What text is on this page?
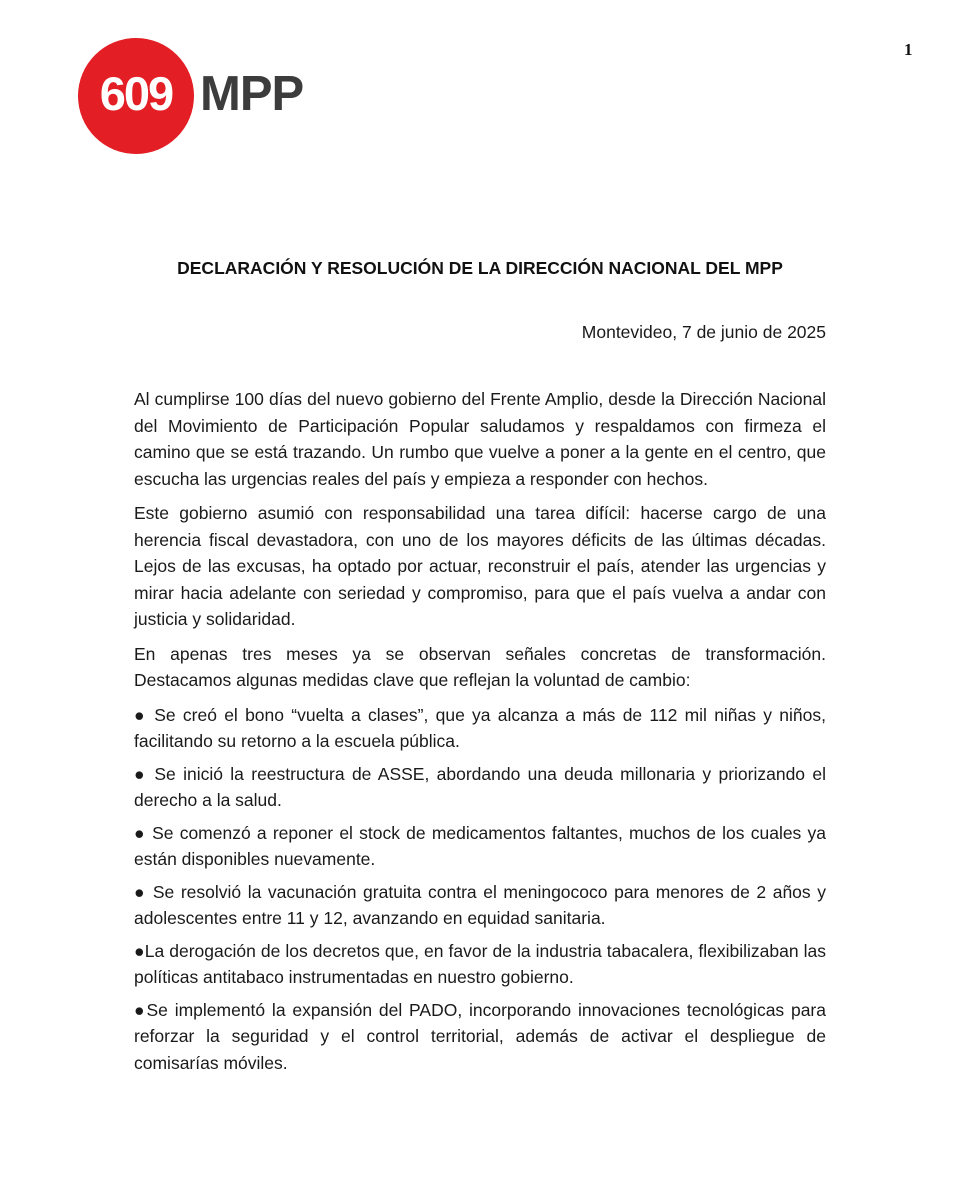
1
609 MPP
DECLARACIÓN Y RESOLUCIÓN DE LA DIRECCIÓN NACIONAL DEL MPP
Montevideo, 7 de junio de 2025

Al cumplirse 100 días del nuevo gobierno del Frente Amplio, desde la Dirección Nacional del Movimiento de Participación Popular saludamos y respaldamos con firmeza el camino que se está trazando. Un rumbo que vuelve a poner a la gente en el centro, que escucha las urgencias reales del país y empieza a responder con hechos.

Este gobierno asumió con responsabilidad una tarea difícil: hacerse cargo de una herencia fiscal devastadora, con uno de los mayores déficits de las últimas décadas. Lejos de las excusas, ha optado por actuar, reconstruir el país, atender las urgencias y mirar hacia adelante con seriedad y compromiso, para que el país vuelva a andar con justicia y solidaridad.

En apenas tres meses ya se observan señales concretas de transformación. Destacamos algunas medidas clave que reflejan la voluntad de cambio:

● Se creó el bono “vuelta a clases”, que ya alcanza a más de 112 mil niñas y niños, facilitando su retorno a la escuela pública.

● Se inició la reestructura de ASSE, abordando una deuda millonaria y priorizando el derecho a la salud.

● Se comenzó a reponer el stock de medicamentos faltantes, muchos de los cuales ya están disponibles nuevamente.

● Se resolvió la vacunación gratuita contra el meningococo para menores de 2 años y adolescentes entre 11 y 12, avanzando en equidad sanitaria.

●La derogación de los decretos que, en favor de la industria tabacalera, flexibilizaban las políticas antitabaco instrumentadas en nuestro gobierno.

●Se implementó la expansión del PADO, incorporando innovaciones tecnológicas para reforzar la seguridad y el control territorial, además de activar el despliegue de comisarías móviles.
